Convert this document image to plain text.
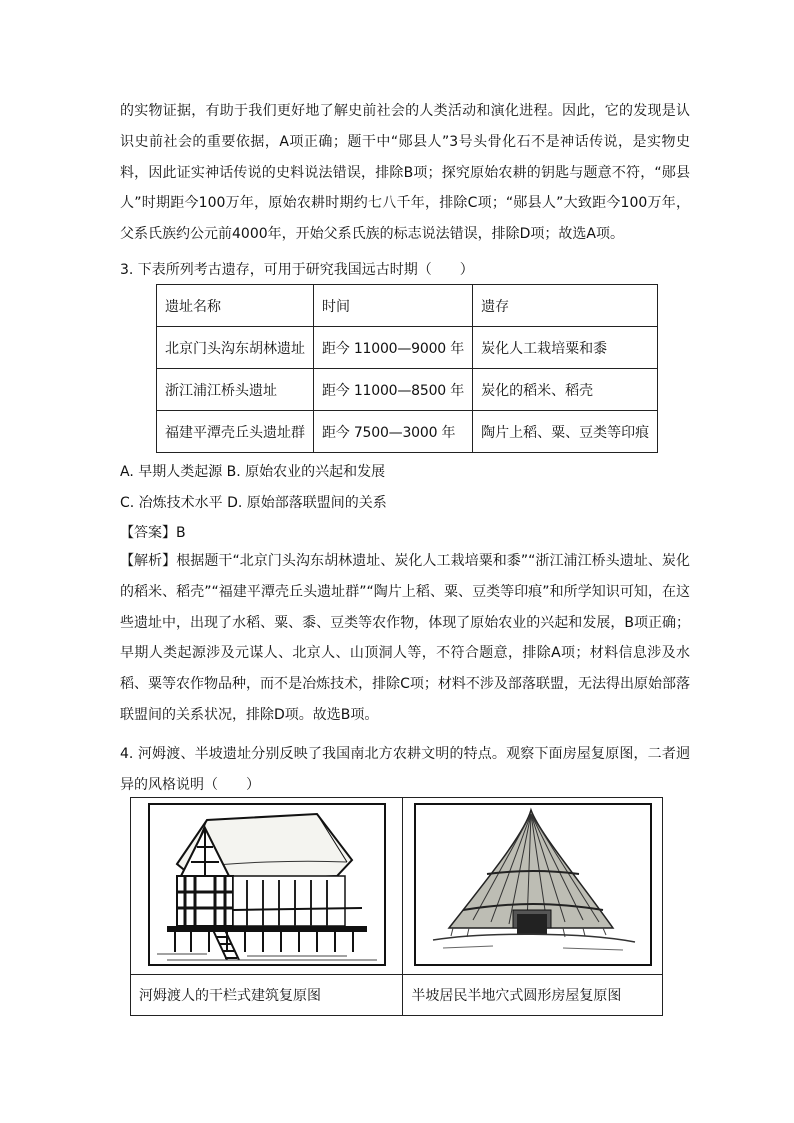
的实物证据，有助于我们更好地了解史前社会的人类活动和演化进程。因此，它的发现是认识史前社会的重要依据，A项正确；题干中“郧县人”3号头骨化石不是神话传说，是实物史料，因此证实神话传说的史料说法错误，排除B项；探究原始农耕的钥匙与题意不符，“郧县人”时期距今100万年，原始农耕时期约七八千年，排除C项；“郧县人”大致距今100万年，父系氏族约公元前4000年，开始父系氏族的标志说法错误，排除D项；故选A项。
3. 下表所列考古遗存，可用于研究我国远古时期（　　）
遗址名称	时间	遗存
北京门头沟东胡林遗址	距今 11000—9000 年	炭化人工栽培粟和黍
浙江浦江桥头遗址	距今 11000—8500 年	炭化的稻米、稻壳
福建平潭壳丘头遗址群	距今 7500—3000 年	陶片上稻、粟、豆类等印痕
A. 早期人类起源 B. 原始农业的兴起和发展
C. 冶炼技术水平 D. 原始部落联盟间的关系
【答案】B
【解析】根据题干“北京门头沟东胡林遗址、炭化人工栽培粟和黍”“浙江浦江桥头遗址、炭化的稻米、稻壳”“福建平潭壳丘头遗址群”“陶片上稻、粟、豆类等印痕”和所学知识可知，在这些遗址中，出现了水稻、粟、黍、豆类等农作物，体现了原始农业的兴起和发展，B项正确；早期人类起源涉及元谋人、北京人、山顶洞人等，不符合题意，排除A项；材料信息涉及水稻、粟等农作物品种，而不是冶炼技术，排除C项；材料不涉及部落联盟，无法得出原始部落联盟间的关系状况，排除D项。故选B项。
4. 河姆渡、半坡遗址分别反映了我国南北方农耕文明的特点。观察下面房屋复原图，二者迥异的风格说明（　　）

河姆渡人的干栏式建筑复原图	半坡居民半地穴式圆形房屋复原图
